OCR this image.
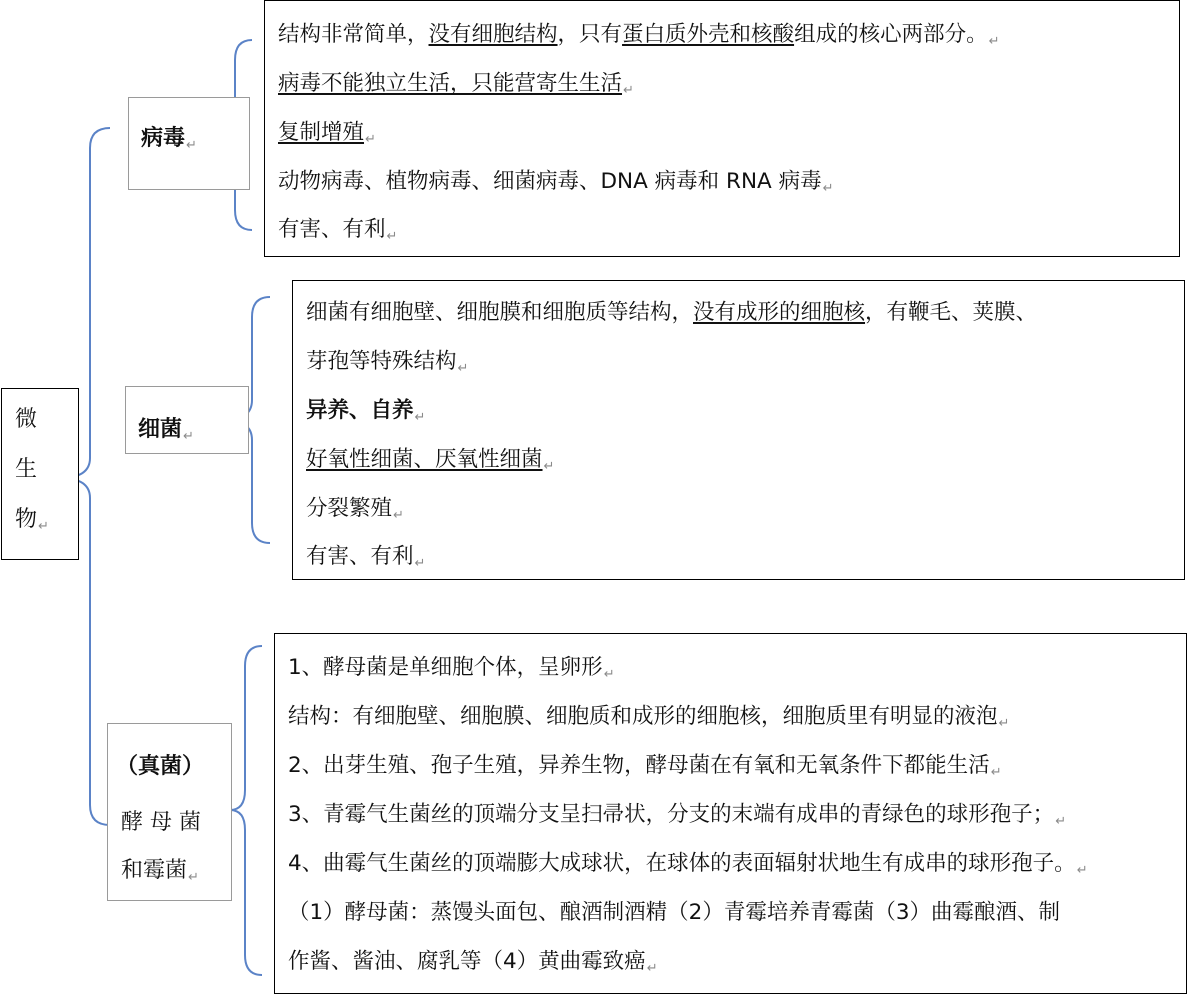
微
生
物↵
病毒↵
结构非常简单，没有细胞结构，只有蛋白质外壳和核酸组成的核心两部分。↵
病毒不能独立生活，只能营寄生生活↵
复制增殖↵
动物病毒、植物病毒、细菌病毒、DNA 病毒和 RNA 病毒↵
有害、有利↵
细菌↵
细菌有细胞壁、细胞膜和细胞质等结构，没有成形的细胞核，有鞭毛、荚膜、
芽孢等特殊结构↵
异养、自养↵
好氧性细菌、厌氧性细菌↵
分裂繁殖↵
有害、有利↵
（真菌）
酵 母 菌
和霉菌↵
1、酵母菌是单细胞个体，呈卵形↵
结构：有细胞壁、细胞膜、细胞质和成形的细胞核，细胞质里有明显的液泡↵
2、出芽生殖、孢子生殖，异养生物，酵母菌在有氧和无氧条件下都能生活↵
3、青霉气生菌丝的顶端分支呈扫帚状，分支的末端有成串的青绿色的球形孢子；↵
4、曲霉气生菌丝的顶端膨大成球状，在球体的表面辐射状地生有成串的球形孢子。↵
（1）酵母菌：蒸馒头面包、酿酒制酒精（2）青霉培养青霉菌（3）曲霉酿酒、制
作酱、酱油、腐乳等（4）黄曲霉致癌↵
